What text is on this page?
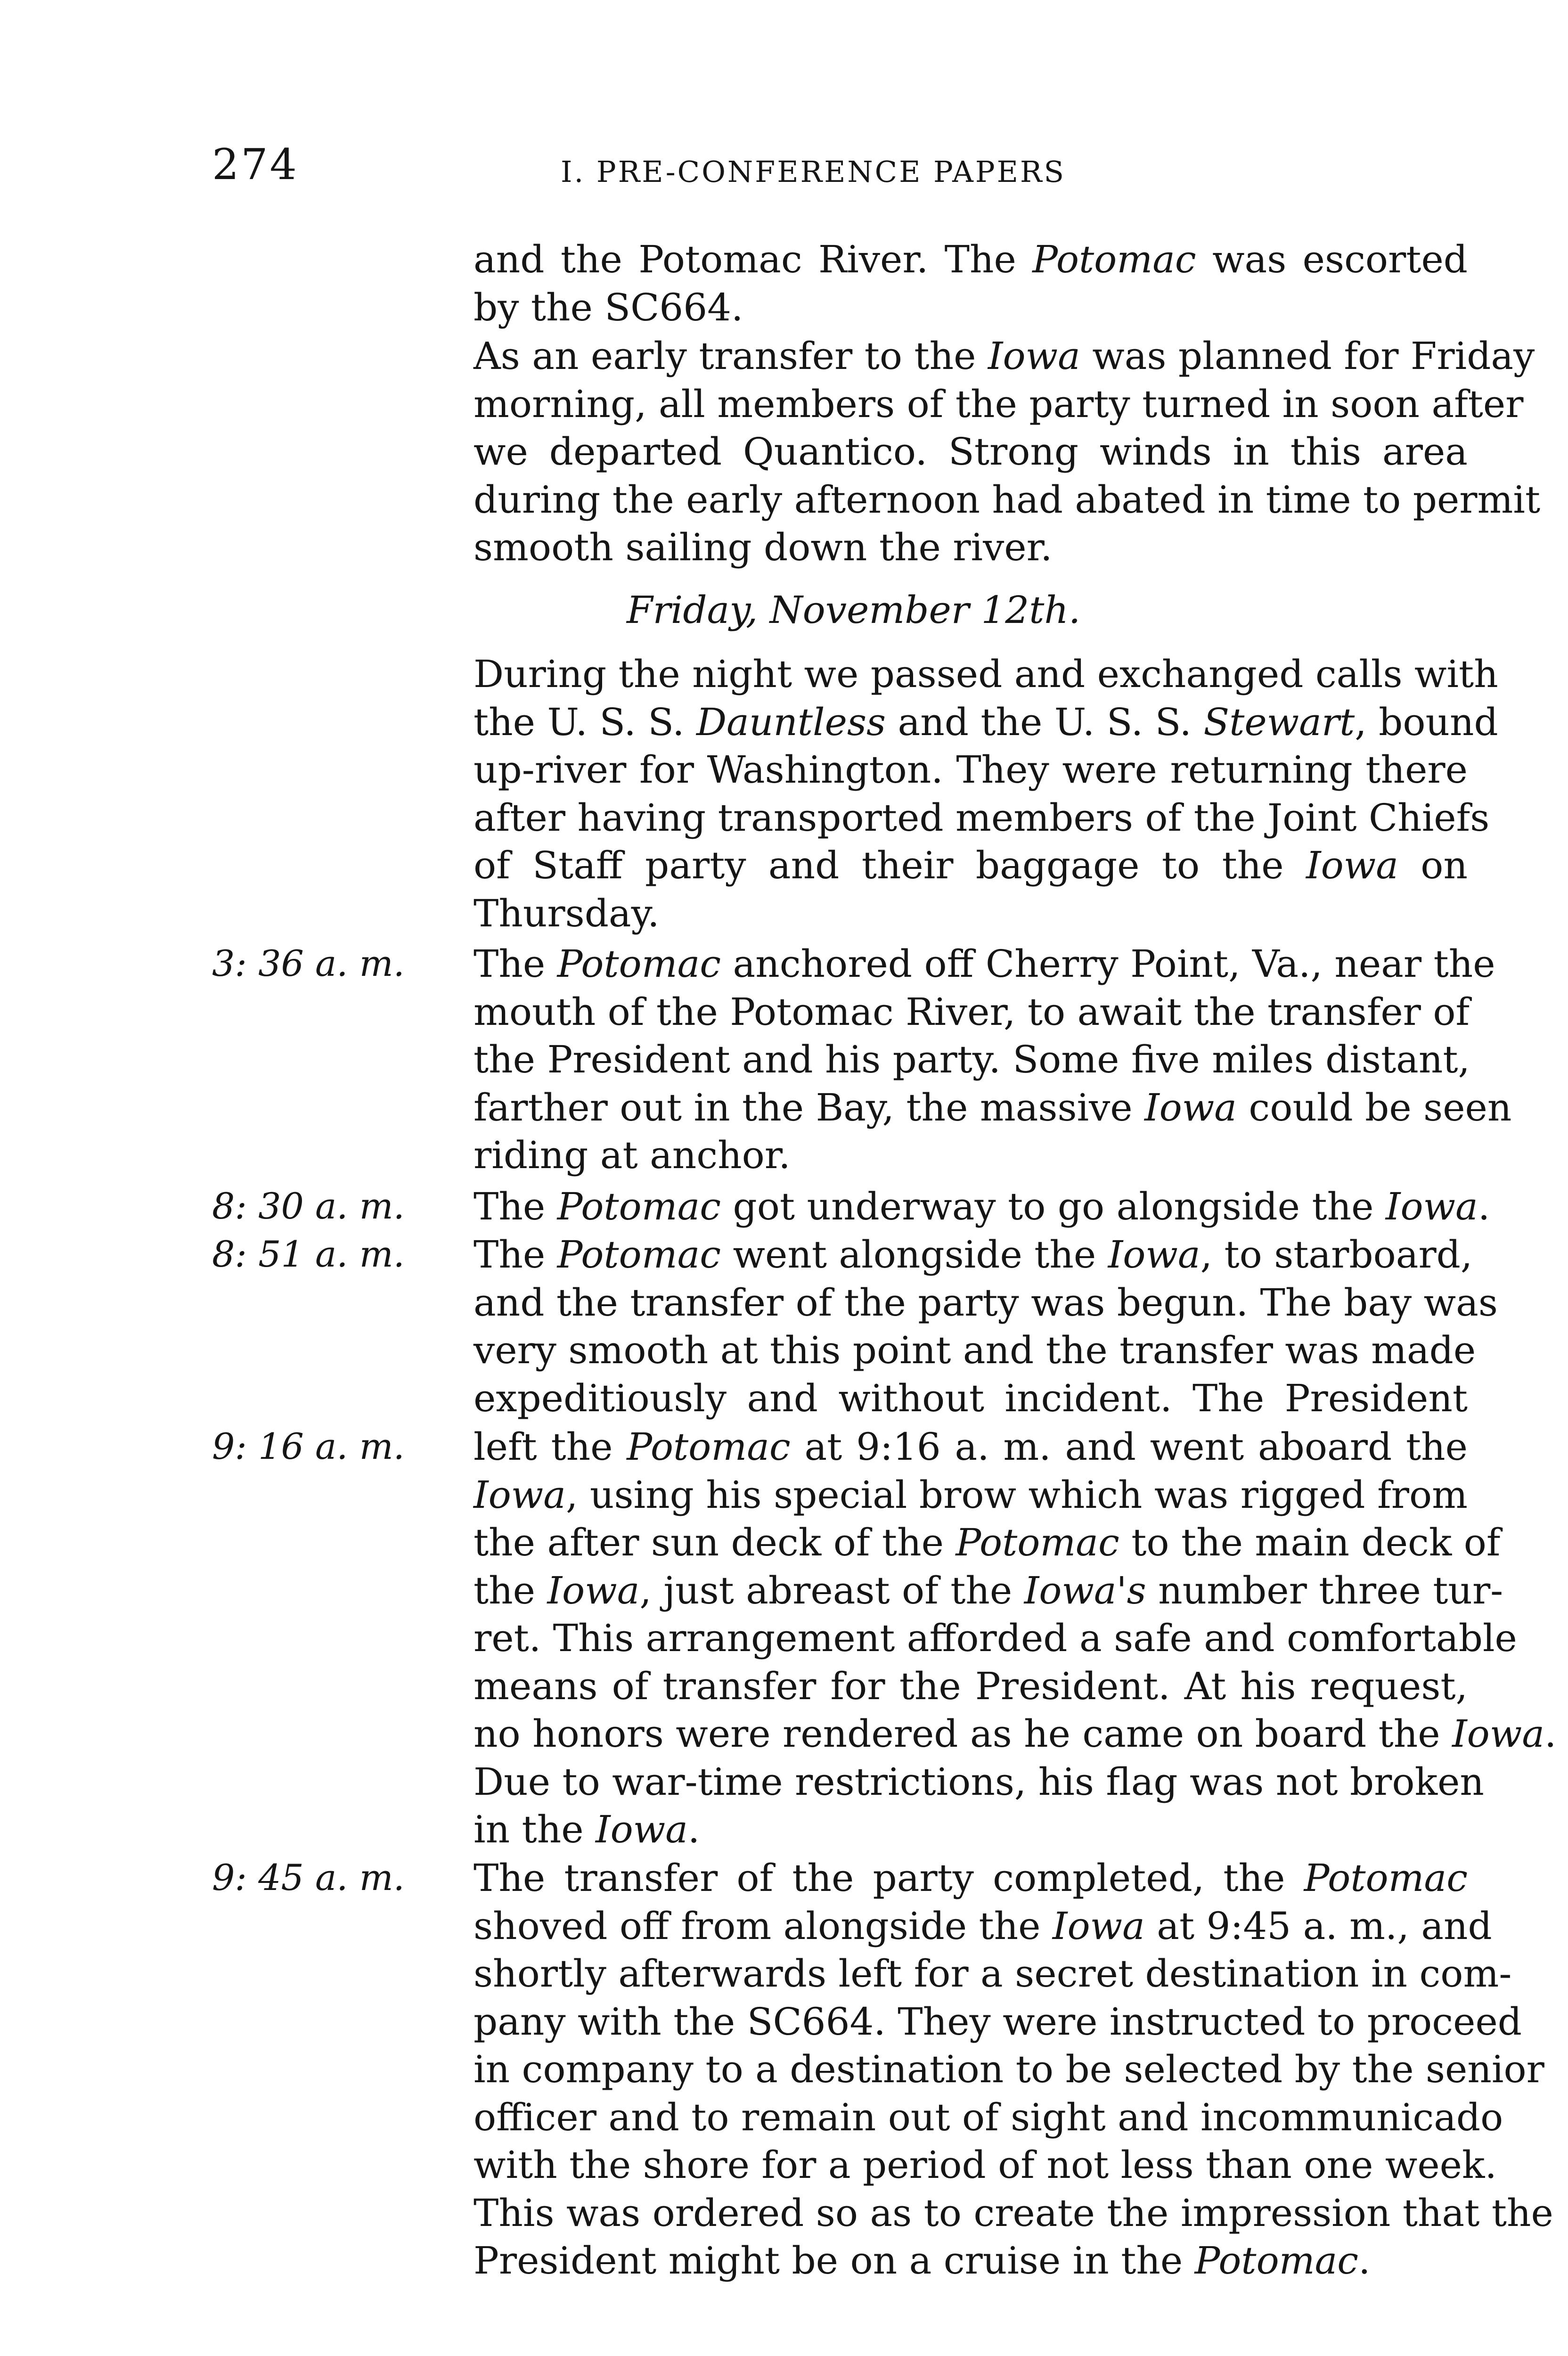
274	I. PRE-CONFERENCE PAPERS
and the Potomac River. The Potomac was escorted
by the SC664.
As an early transfer to the Iowa was planned for Friday
morning, all members of the party turned in soon after
we departed Quantico. Strong winds in this area
during the early afternoon had abated in time to permit
smooth sailing down the river.
Friday, November 12th.
During the night we passed and exchanged calls with
the U. S. S. Dauntless and the U. S. S. Stewart, bound
up-river for Washington. They were returning there
after having transported members of the Joint Chiefs
of Staff party and their baggage to the Iowa on
Thursday.
3: 36 a. m.	The Potomac anchored off Cherry Point, Va., near the
mouth of the Potomac River, to await the transfer of
the President and his party. Some five miles distant,
farther out in the Bay, the massive Iowa could be seen
riding at anchor.
8: 30 a. m.	The Potomac got underway to go alongside the Iowa.
8: 51 a. m.	The Potomac went alongside the Iowa, to starboard,
and the transfer of the party was begun. The bay was
very smooth at this point and the transfer was made
expeditiously and without incident. The President
9: 16 a. m.	left the Potomac at 9:16 a. m. and went aboard the
Iowa, using his special brow which was rigged from
the after sun deck of the Potomac to the main deck of
the Iowa, just abreast of the Iowa's number three tur-
ret. This arrangement afforded a safe and comfortable
means of transfer for the President. At his request,
no honors were rendered as he came on board the Iowa.
Due to war-time restrictions, his flag was not broken
in the Iowa.
9: 45 a. m.	The transfer of the party completed, the Potomac
shoved off from alongside the Iowa at 9:45 a. m., and
shortly afterwards left for a secret destination in com-
pany with the SC664. They were instructed to proceed
in company to a destination to be selected by the senior
officer and to remain out of sight and incommunicado
with the shore for a period of not less than one week.
This was ordered so as to create the impression that the
President might be on a cruise in the Potomac.
